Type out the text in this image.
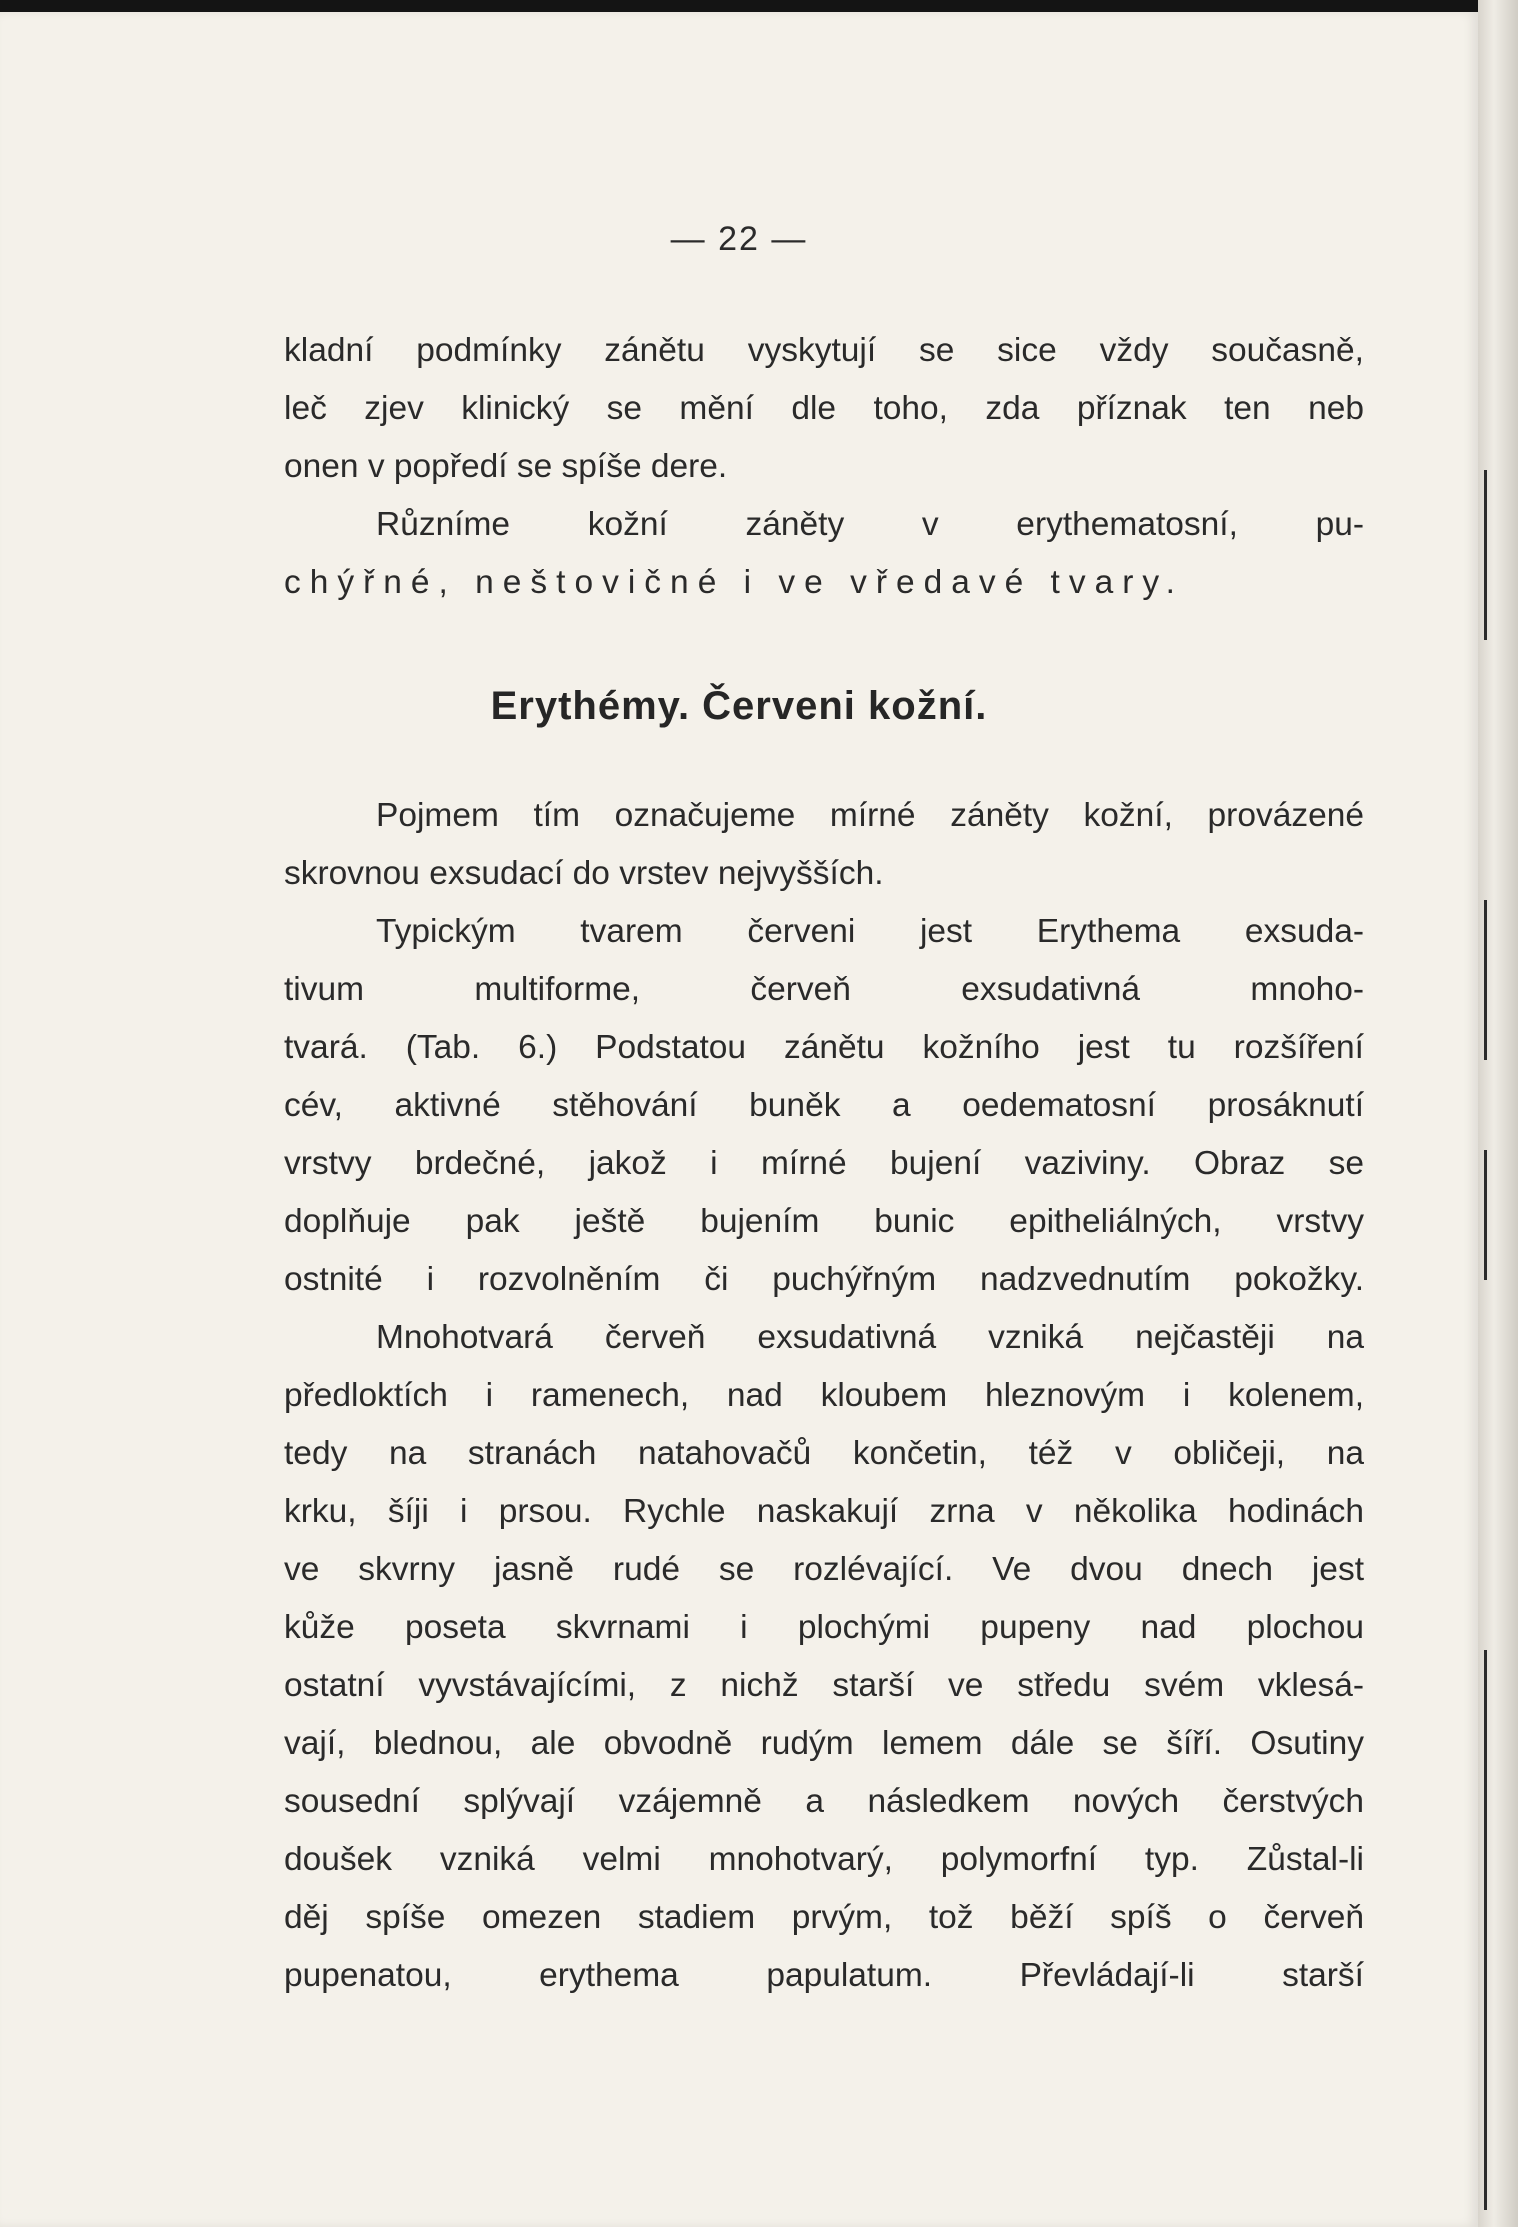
— 22 —
kladní podmínky zánětu vyskytují se sice vždy současně,
leč zjev klinický se mění dle toho, zda příznak ten neb
onen v popředí se spíše dere.
Různíme kožní záněty v erythematosní, pu-
chýřné, neštovičné i ve vředavé tvary.
Erythémy. Červeni kožní.
Pojmem tím označujeme mírné záněty kožní, provázené
skrovnou exsudací do vrstev nejvyšších.
Typickým tvarem červeni jest Erythema exsuda-
tivum multiforme, červeň exsudativná mnoho-
tvará. (Tab. 6.) Podstatou zánětu kožního jest tu rozšíření
cév, aktivné stěhování buněk a oedematosní prosáknutí
vrstvy brdečné, jakož i mírné bujení vaziviny. Obraz se
doplňuje pak ještě bujením bunic epitheliálných, vrstvy
ostnité i rozvolněním či puchýřným nadzvednutím pokožky.
Mnohotvará červeň exsudativná vzniká nejčastěji na
předloktích i ramenech, nad kloubem hleznovým i kolenem,
tedy na stranách natahovačů končetin, též v obličeji, na
krku, šíji i prsou. Rychle naskakují zrna v několika hodinách
ve skvrny jasně rudé se rozlévající. Ve dvou dnech jest
kůže poseta skvrnami i plochými pupeny nad plochou
ostatní vyvstávajícími, z nichž starší ve středu svém vklesá-
vají, blednou, ale obvodně rudým lemem dále se šíří. Osutiny
sousední splývají vzájemně a následkem nových čerstvých
doušek vzniká velmi mnohotvarý, polymorfní typ. Zůstal-li
děj spíše omezen stadiem prvým, tož běží spíš o červeň
pupenatou, erythema papulatum. Převládají-li starší
